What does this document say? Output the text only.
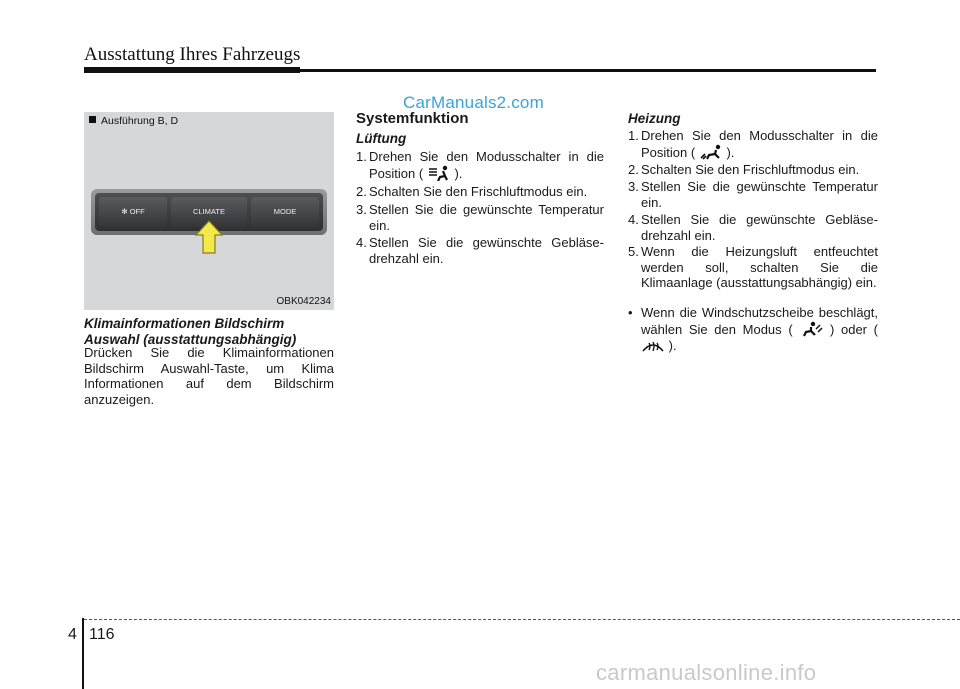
Ausstattung Ihres Fahrzeugs
CarManuals2.com
Ausführung B, D
✻ OFF	CLIMATE	MODE
OBK042234
Klimainformationen Bildschirm
Auswahl (ausstattungsabhängig)
Drücken Sie die Klimainformationen Bildschirm Auswahl-Taste, um Klima Informationen auf dem Bildschirm anzuzeigen.
Systemfunktion
Lüftung
1. Drehen Sie den Modusschalter in die Position ( ).
2. Schalten Sie den Frischluftmodus ein.
3. Stellen Sie die gewünschte Temperatur ein.
4. Stellen Sie die gewünschte Gebläse-drehzahl ein.
Heizung
1. Drehen Sie den Modusschalter in die Position ( ).
2. Schalten Sie den Frischluftmodus ein.
3. Stellen Sie die gewünschte Temperatur ein.
4. Stellen Sie die gewünschte Gebläse-drehzahl ein.
5. Wenn die Heizungsluft entfeuchtet werden soll, schalten Sie die Klimaanlage (ausstattungsabhängig) ein.
• Wenn die Windschutzscheibe beschlägt, wählen Sie den Modus (	) oder (  ).
4 116
carmanualsonline.info
